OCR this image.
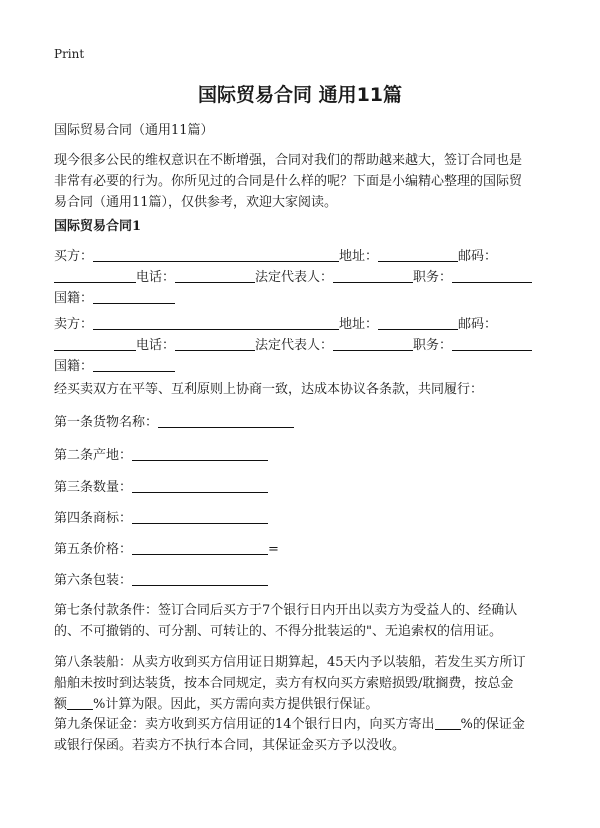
Print
国际贸易合同 通用11篇
国际贸易合同（通用11篇）
现今很多公民的维权意识在不断增强，合同对我们的帮助越来越大，签订合同也是
非常有必要的行为。你所见过的合同是什么样的呢？下面是小编精心整理的国际贸
易合同（通用11篇），仅供参考，欢迎大家阅读。
国际贸易合同1
买方：	地址：	邮码：
电话：	法定代表人：	职务：
国籍：
卖方：	地址：	邮码：
电话：	法定代表人：	职务：
国籍：
经买卖双方在平等、互利原则上协商一致，达成本协议各条款，共同履行：
第一条货物名称：
第二条产地：
第三条数量：
第四条商标：
第五条价格：	=
第六条包装：
第七条付款条件：签订合同后买方于7个银行日内开出以卖方为受益人的、经确认
的、不可撤销的、可分割、可转让的、不得分批装运的"、无追索权的信用证。
第八条装船：从卖方收到买方信用证日期算起，45天内予以装船，若发生买方所订
船舶未按时到达装货，按本合同规定，卖方有权向买方索赔损毁/耽搁费，按总金
额 %计算为限。因此，买方需向卖方提供银行保证。
第九条保证金：卖方收到买方信用证的14个银行日内，向买方寄出 %的保证金
或银行保函。若卖方不执行本合同，其保证金买方予以没收。
